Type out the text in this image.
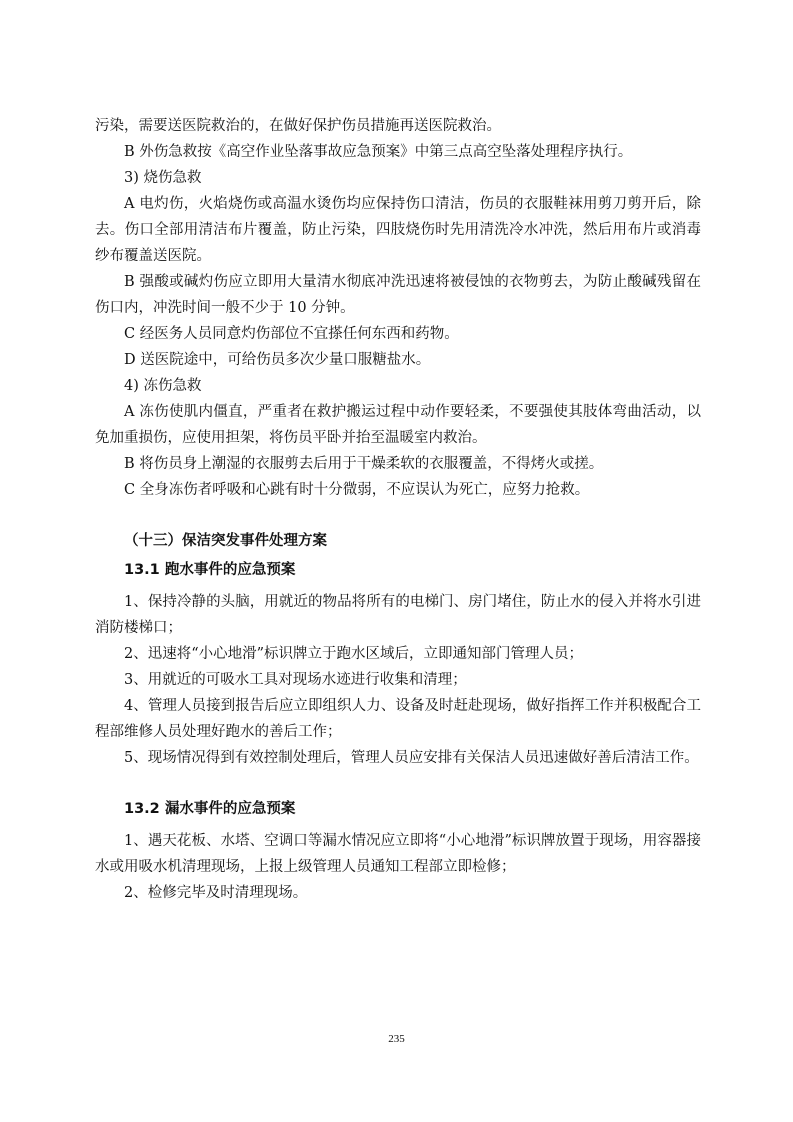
污染，需要送医院救治的，在做好保护伤员措施再送医院救治。

B 外伤急救按《高空作业坠落事故应急预案》中第三点高空坠落处理程序执行。

3) 烧伤急救

A 电灼伤，火焰烧伤或高温水烫伤均应保持伤口清洁，伤员的衣服鞋袜用剪刀剪开后，除去。伤口全部用清洁布片覆盖，防止污染，四肢烧伤时先用清洗冷水冲洗，然后用布片或消毒纱布覆盖送医院。

B 强酸或碱灼伤应立即用大量清水彻底冲洗迅速将被侵蚀的衣物剪去，为防止酸碱残留在伤口内，冲洗时间一般不少于 10 分钟。

C 经医务人员同意灼伤部位不宜搽任何东西和药物。

D 送医院途中，可给伤员多次少量口服糖盐水。

4) 冻伤急救

A 冻伤使肌内僵直，严重者在救护搬运过程中动作要轻柔，不要强使其肢体弯曲活动，以免加重损伤，应使用担架，将伤员平卧并抬至温暖室内救治。

B 将伤员身上潮湿的衣服剪去后用于干燥柔软的衣服覆盖，不得烤火或搓。

C 全身冻伤者呼吸和心跳有时十分微弱，不应误认为死亡，应努力抢救。

（十三）保洁突发事件处理方案

13.1 跑水事件的应急预案

1、保持冷静的头脑，用就近的物品将所有的电梯门、房门堵住，防止水的侵入并将水引进消防楼梯口；

2、迅速将“小心地滑”标识牌立于跑水区域后，立即通知部门管理人员；

3、用就近的可吸水工具对现场水迹进行收集和清理；

4、管理人员接到报告后应立即组织人力、设备及时赶赴现场，做好指挥工作并积极配合工程部维修人员处理好跑水的善后工作；

5、现场情况得到有效控制处理后，管理人员应安排有关保洁人员迅速做好善后清洁工作。

13.2 漏水事件的应急预案

1、遇天花板、水塔、空调口等漏水情况应立即将“小心地滑”标识牌放置于现场，用容器接水或用吸水机清理现场，上报上级管理人员通知工程部立即检修；

2、检修完毕及时清理现场。

235
